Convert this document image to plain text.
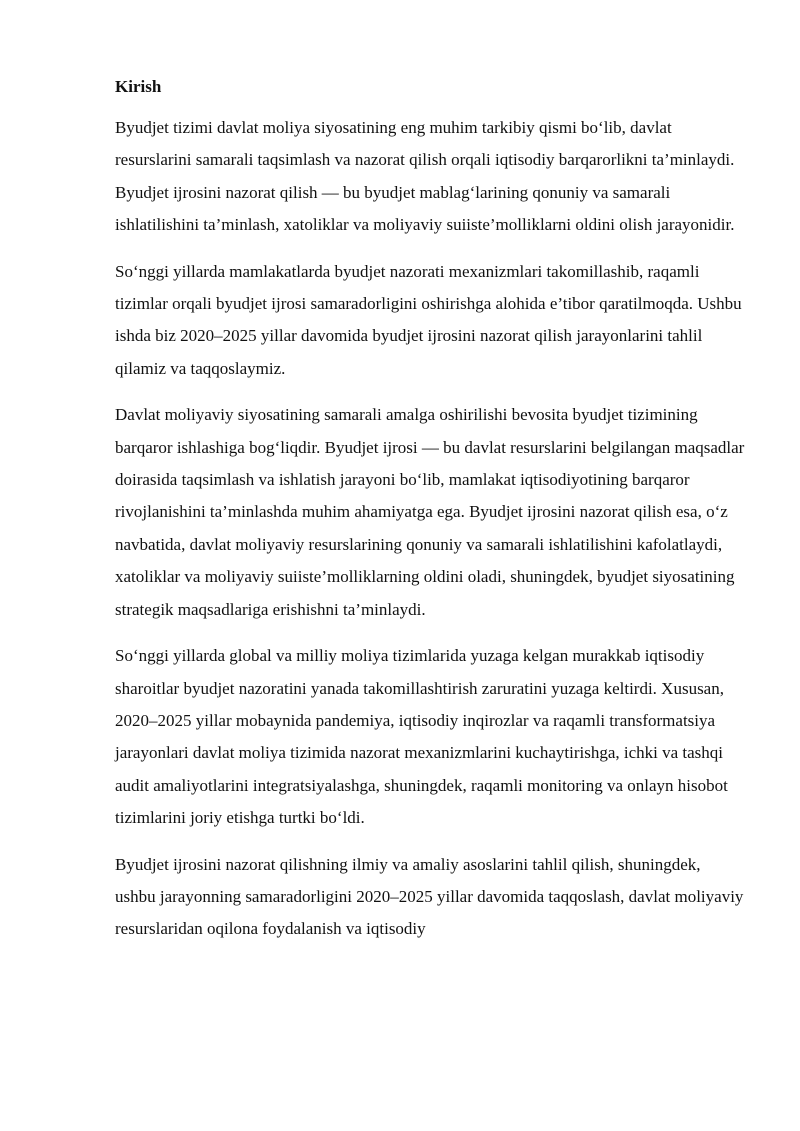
Kirish

Byudjet tizimi davlat moliya siyosatining eng muhim tarkibiy qismi bo‘lib, davlat resurslarini samarali taqsimlash va nazorat qilish orqali iqtisodiy barqarorlikni ta’minlaydi. Byudjet ijrosini nazorat qilish — bu byudjet mablag‘larining qonuniy va samarali ishlatilishini ta’minlash, xatoliklar va moliyaviy suiiste’molliklarni oldini olish jarayonidir.

So‘nggi yillarda mamlakatlarda byudjet nazorati mexanizmlari takomillashib, raqamli tizimlar orqali byudjet ijrosi samaradorligini oshirishga alohida e’tibor qaratilmoqda. Ushbu ishda biz 2020–2025 yillar davomida byudjet ijrosini nazorat qilish jarayonlarini tahlil qilamiz va taqqoslaymiz.

Davlat moliyaviy siyosatining samarali amalga oshirilishi bevosita byudjet tizimining barqaror ishlashiga bog‘liqdir. Byudjet ijrosi — bu davlat resurslarini belgilangan maqsadlar doirasida taqsimlash va ishlatish jarayoni bo‘lib, mamlakat iqtisodiyotining barqaror rivojlanishini ta’minlashda muhim ahamiyatga ega. Byudjet ijrosini nazorat qilish esa, o‘z navbatida, davlat moliyaviy resurslarining qonuniy va samarali ishlatilishini kafolatlaydi, xatoliklar va moliyaviy suiiste’molliklarning oldini oladi, shuningdek, byudjet siyosatining strategik maqsadlariga erishishni ta’minlaydi.

So‘nggi yillarda global va milliy moliya tizimlarida yuzaga kelgan murakkab iqtisodiy sharoitlar byudjet nazoratini yanada takomillashtirish zaruratini yuzaga keltirdi. Xususan, 2020–2025 yillar mobaynida pandemiya, iqtisodiy inqirozlar va raqamli transformatsiya jarayonlari davlat moliya tizimida nazorat mexanizmlarini kuchaytirishga, ichki va tashqi audit amaliyotlarini integratsiyalashga, shuningdek, raqamli monitoring va onlayn hisobot tizimlarini joriy etishga turtki bo‘ldi.

Byudjet ijrosini nazorat qilishning ilmiy va amaliy asoslarini tahlil qilish, shuningdek, ushbu jarayonning samaradorligini 2020–2025 yillar davomida taqqoslash, davlat moliyaviy resurslaridan oqilona foydalanish va iqtisodiy
